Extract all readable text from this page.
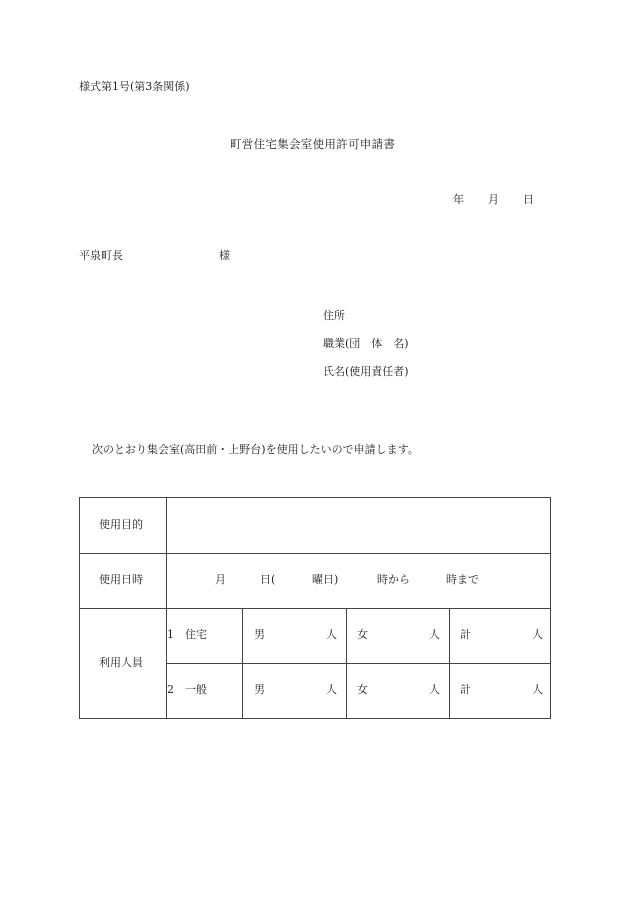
様式第1号(第3条関係)
町営住宅集会室使用許可申請書
年 月 日
平泉町長	様
住所
職業(団　体　名)
氏名(使用責任者)
次のとおり集会室(高田前・上野台)を使用したいので申請します。
使用目的
使用日時	月	日(	曜日)	時から	時まで
利用人員
1　住宅	男	人 女	人 計	人
2　一般	男	人 女	人 計	人
